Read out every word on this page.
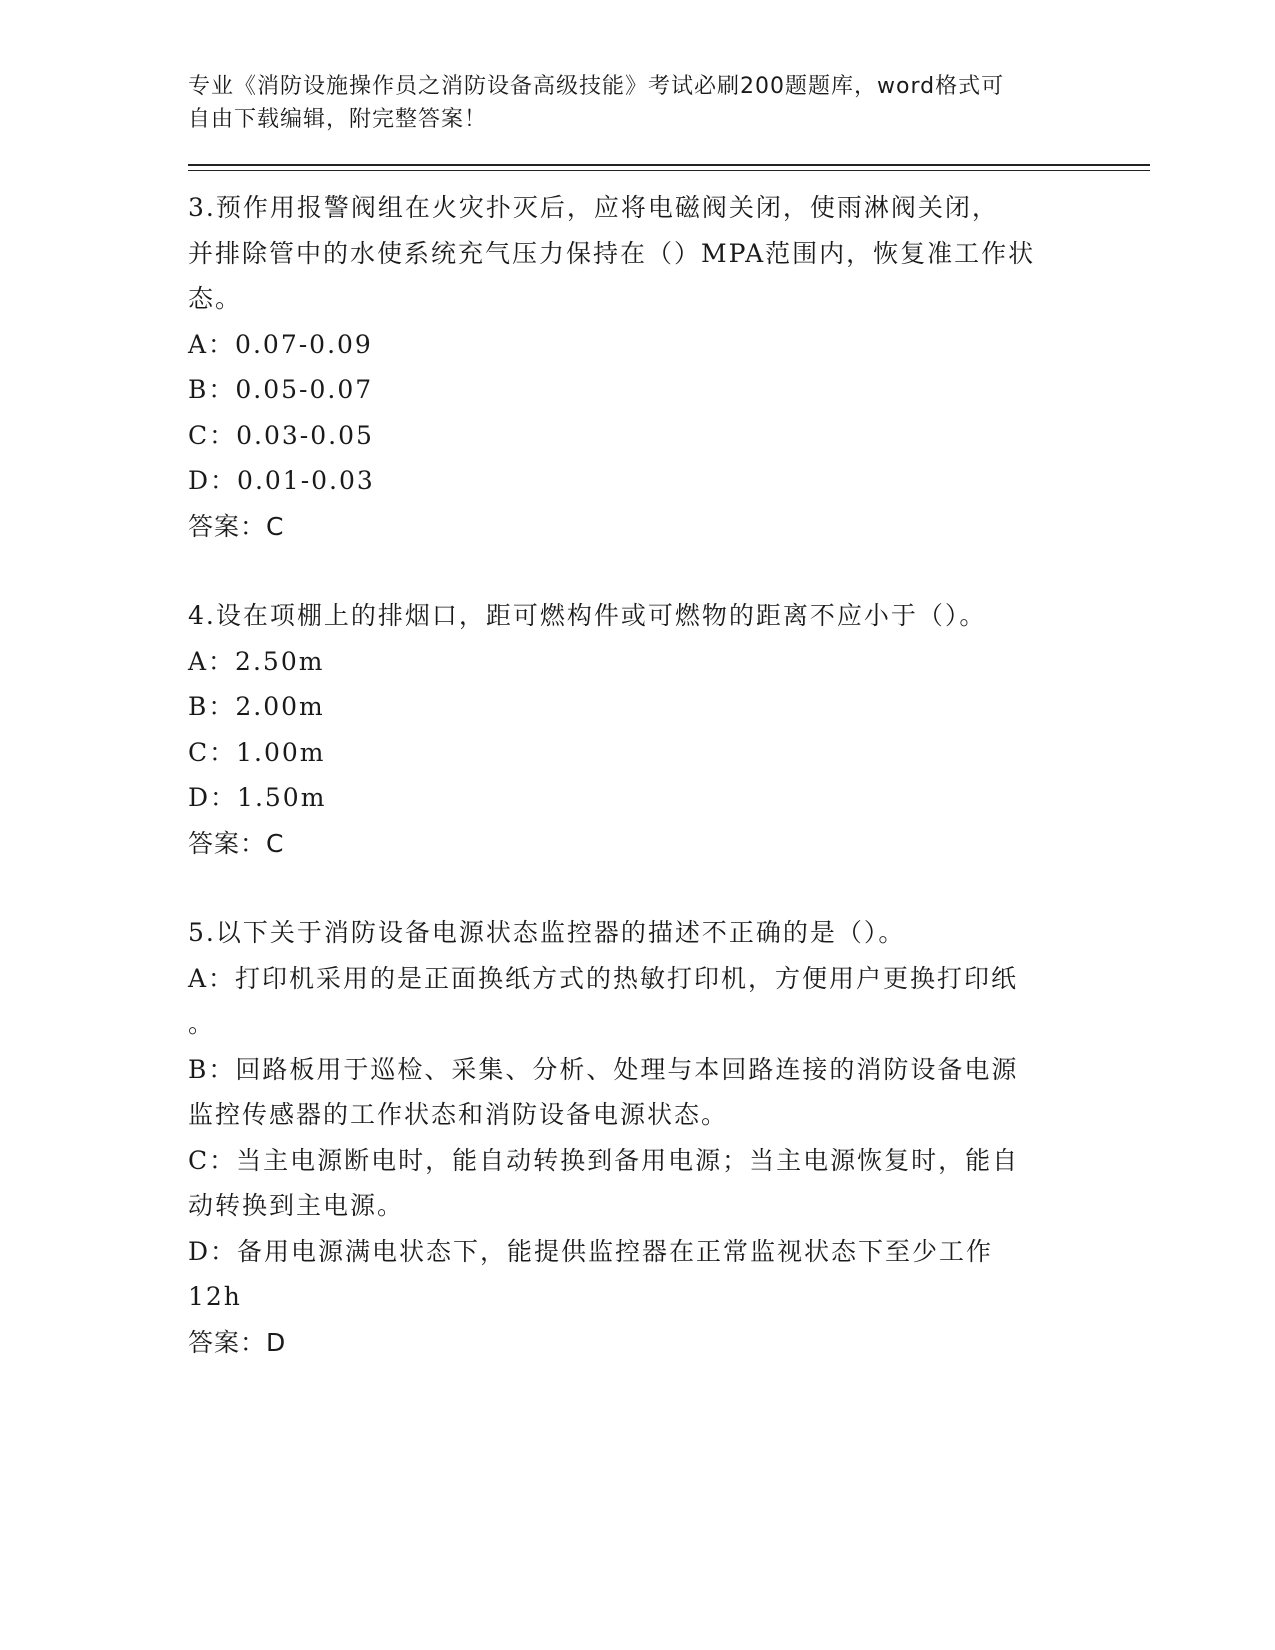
专业《消防设施操作员之消防设备高级技能》考试必刷200题题库，word格式可
自由下载编辑，附完整答案！
3.预作用报警阀组在火灾扑灭后，应将电磁阀关闭，使雨淋阀关闭，
并排除管中的水使系统充气压力保持在（）MPA范围内，恢复准工作状
态。
A：0.07-0.09
B：0.05-0.07
C：0.03-0.05
D：0.01-0.03
答案：C
4.设在项棚上的排烟口，距可燃构件或可燃物的距离不应小于（）。
A：2.50m
B：2.00m
C：1.00m
D：1.50m
答案：C
5.以下关于消防设备电源状态监控器的描述不正确的是（）。
A：打印机采用的是正面换纸方式的热敏打印机，方便用户更换打印纸
。
B：回路板用于巡检、采集、分析、处理与本回路连接的消防设备电源
监控传感器的工作状态和消防设备电源状态。
C：当主电源断电时，能自动转换到备用电源；当主电源恢复时，能自
动转换到主电源。
D：备用电源满电状态下，能提供监控器在正常监视状态下至少工作
12h
答案：D
